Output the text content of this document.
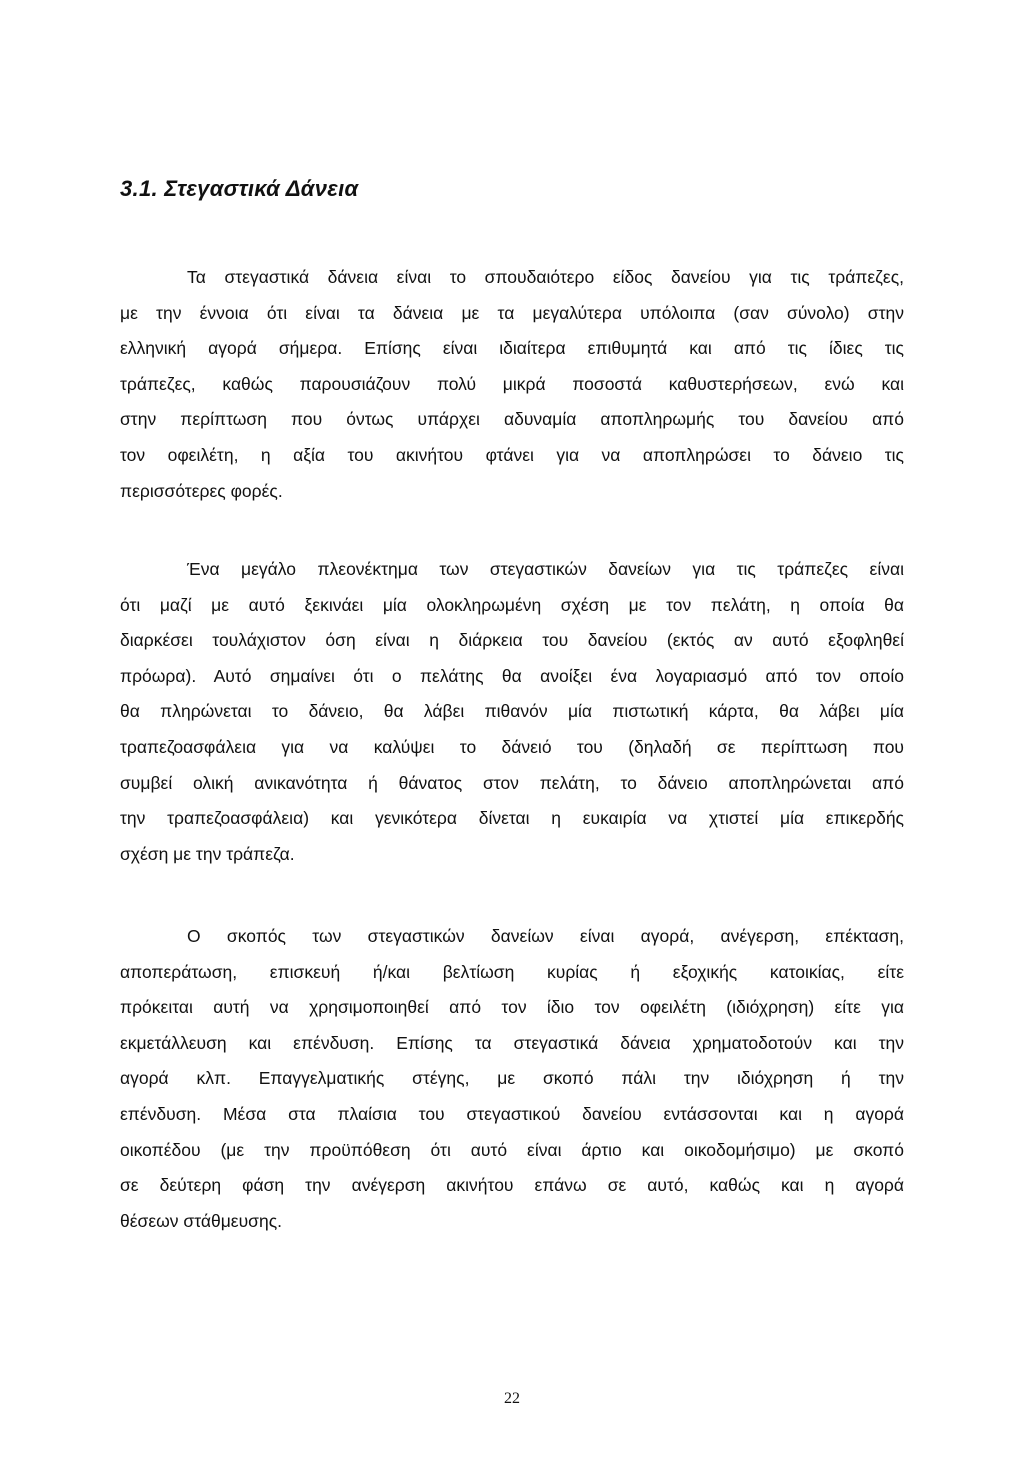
3.1. Στεγαστικά Δάνεια
Τα στεγαστικά δάνεια είναι το σπουδαιότερο είδος δανείου για τις τράπεζες,
με την έννοια ότι είναι τα δάνεια με τα μεγαλύτερα υπόλοιπα (σαν σύνολο) στην
ελληνική αγορά σήμερα. Επίσης είναι ιδιαίτερα επιθυμητά και από τις ίδιες τις
τράπεζες, καθώς παρουσιάζουν πολύ μικρά ποσοστά καθυστερήσεων, ενώ και
στην περίπτωση που όντως υπάρχει αδυναμία αποπληρωμής του δανείου από
τον οφειλέτη, η αξία του ακινήτου φτάνει για να αποπληρώσει το δάνειο τις
περισσότερες φορές.
Ένα μεγάλο πλεονέκτημα των στεγαστικών δανείων για τις τράπεζες είναι
ότι μαζί με αυτό ξεκινάει μία ολοκληρωμένη σχέση με τον πελάτη, η οποία θα
διαρκέσει τουλάχιστον όση είναι η διάρκεια του δανείου (εκτός αν αυτό εξοφληθεί
πρόωρα). Αυτό σημαίνει ότι ο πελάτης θα ανοίξει ένα λογαριασμό από τον οποίο
θα πληρώνεται το δάνειο, θα λάβει πιθανόν μία πιστωτική κάρτα, θα λάβει μία
τραπεζοασφάλεια για να καλύψει το δάνειό του (δηλαδή σε περίπτωση που
συμβεί ολική ανικανότητα ή θάνατος στον πελάτη, το δάνειο αποπληρώνεται από
την τραπεζοασφάλεια) και γενικότερα δίνεται η ευκαιρία να χτιστεί μία επικερδής
σχέση με την τράπεζα.
Ο σκοπός των στεγαστικών δανείων είναι αγορά, ανέγερση, επέκταση,
αποπεράτωση, επισκευή ή/και βελτίωση κυρίας ή εξοχικής κατοικίας, είτε
πρόκειται αυτή να χρησιμοποιηθεί από τον ίδιο τον οφειλέτη (ιδιόχρηση) είτε για
εκμετάλλευση και επένδυση. Επίσης τα στεγαστικά δάνεια χρηματοδοτούν και την
αγορά κλπ. Επαγγελματικής στέγης, με σκοπό πάλι την ιδιόχρηση ή την
επένδυση. Μέσα στα πλαίσια του στεγαστικού δανείου εντάσσονται και η αγορά
οικοπέδου (με την προϋπόθεση ότι αυτό είναι άρτιο και οικοδομήσιμο) με σκοπό
σε δεύτερη φάση την ανέγερση ακινήτου επάνω σε αυτό, καθώς και η αγορά
θέσεων στάθμευσης.
22
